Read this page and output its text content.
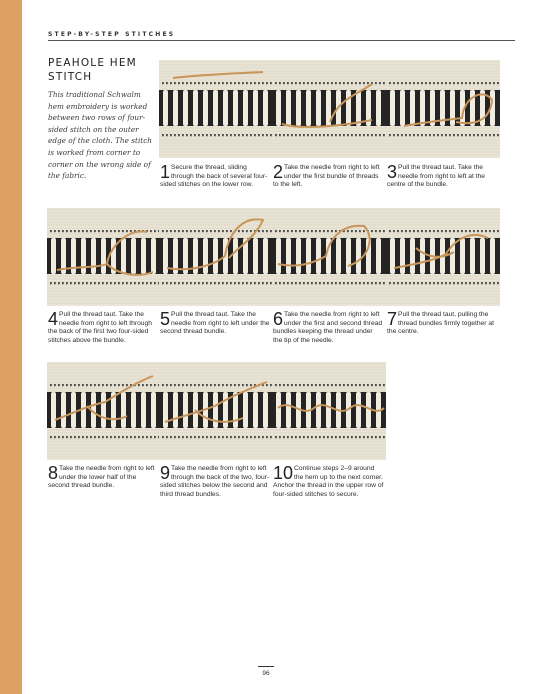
STEP-BY-STEP STITCHES
PEAHOLE HEM
STITCH
This traditional Schwalm hem embroidery is worked between two rows of four-sided stitch on the outer edge of the cloth. The stitch is worked from corner to corner on the wrong side of the fabric.	1 Secure the thread, sliding through the back of several four-sided stitches on the lower row.
2 Take the needle from right to left under the first bundle of threads to the left.
3 Pull the thread taut. Take the needle from right to left at the centre of the bundle.
4 Pull the thread taut. Take the needle from right to left through the back of the first two four-sided stitches above the bundle.
5 Pull the thread taut. Take the needle from right to left under the second thread bundle.
6 Take the needle from right to left under the first and second thread bundles keeping the thread under the tip of the needle.
7 Pull the thread taut, pulling the thread bundles firmly together at the centre.
8 Take the needle from right to left under the lower half of the second thread bundle.
9 Take the needle from right to left through the back of the two, four-sided stitches below the second and third thread bundles.
10 Continue steps 2–9 around the hem up to the next corner. Anchor the thread in the upper row of four-sided stitches to secure.
96
